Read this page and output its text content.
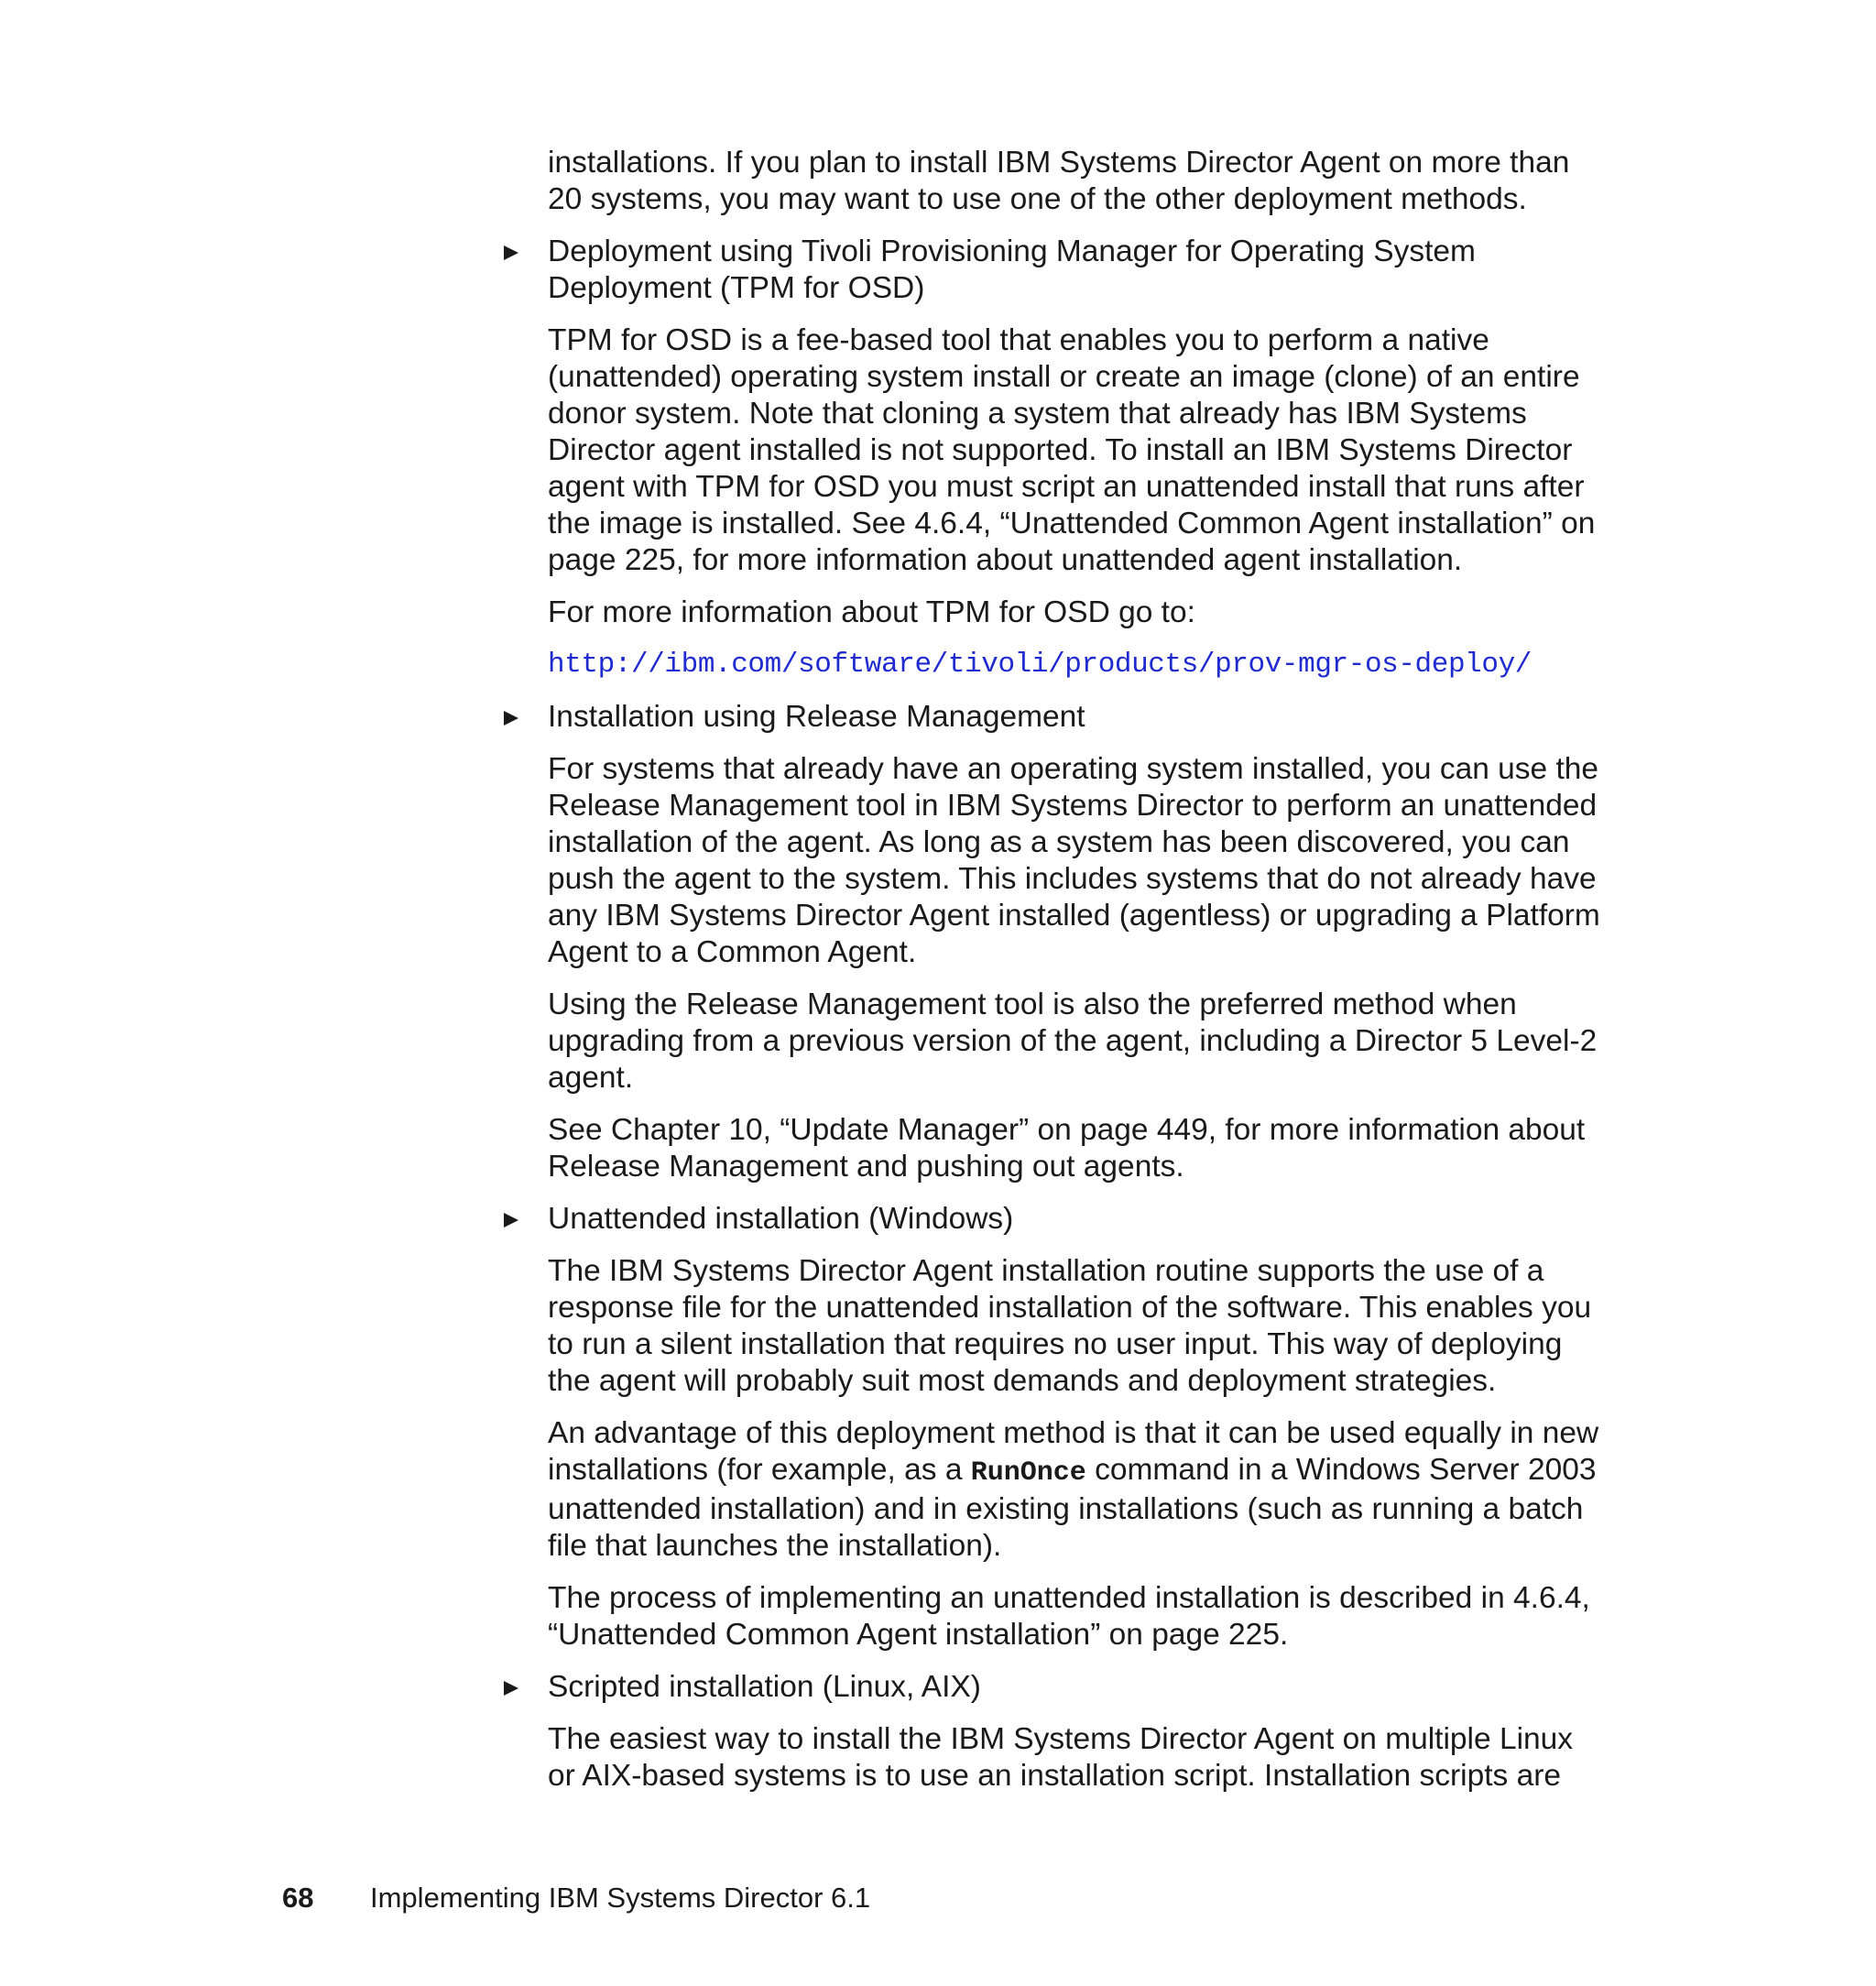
installations. If you plan to install IBM Systems Director Agent on more than 20 systems, you may want to use one of the other deployment methods.

Deployment using Tivoli Provisioning Manager for Operating System Deployment (TPM for OSD)

TPM for OSD is a fee-based tool that enables you to perform a native (unattended) operating system install or create an image (clone) of an entire donor system. Note that cloning a system that already has IBM Systems Director agent installed is not supported. To install an IBM Systems Director agent with TPM for OSD you must script an unattended install that runs after the image is installed. See 4.6.4, “Unattended Common Agent installation” on page 225, for more information about unattended agent installation.

For more information about TPM for OSD go to:

http://ibm.com/software/tivoli/products/prov-mgr-os-deploy/
Installation using Release Management

For systems that already have an operating system installed, you can use the Release Management tool in IBM Systems Director to perform an unattended installation of the agent. As long as a system has been discovered, you can push the agent to the system. This includes systems that do not already have any IBM Systems Director Agent installed (agentless) or upgrading a Platform Agent to a Common Agent.

Using the Release Management tool is also the preferred method when upgrading from a previous version of the agent, including a Director 5 Level-2 agent.

See Chapter 10, “Update Manager” on page 449, for more information about Release Management and pushing out agents.

Unattended installation (Windows)

The IBM Systems Director Agent installation routine supports the use of a response file for the unattended installation of the software. This enables you to run a silent installation that requires no user input. This way of deploying the agent will probably suit most demands and deployment strategies.

An advantage of this deployment method is that it can be used equally in new installations (for example, as a RunOnce command in a Windows Server 2003 unattended installation) and in existing installations (such as running a batch file that launches the installation).

The process of implementing an unattended installation is described in 4.6.4, “Unattended Common Agent installation” on page 225.

Scripted installation (Linux, AIX)

The easiest way to install the IBM Systems Director Agent on multiple Linux or AIX-based systems is to use an installation script. Installation scripts are

68 Implementing IBM Systems Director 6.1
